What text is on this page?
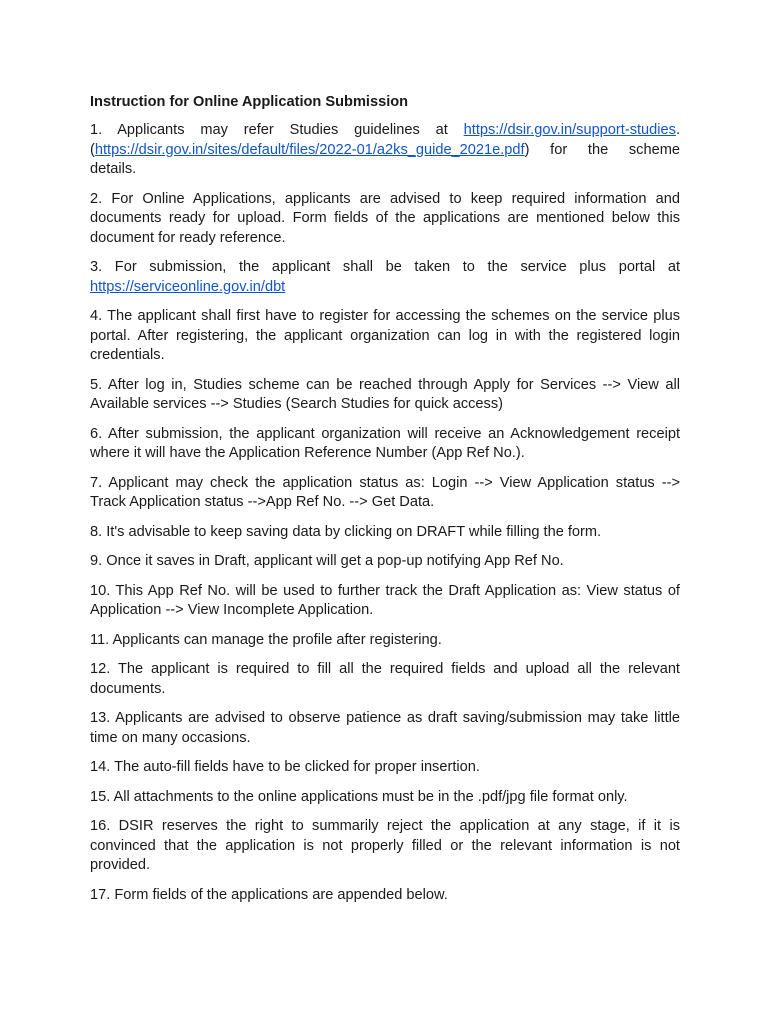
Instruction for Online Application Submission

1. Applicants may refer Studies guidelines at https://dsir.gov.in/support-studies. (https://dsir.gov.in/sites/default/files/2022-01/a2ks_guide_2021e.pdf) for the scheme details.

2. For Online Applications, applicants are advised to keep required information and documents ready for upload. Form fields of the applications are mentioned below this document for ready reference.

3. For submission, the applicant shall be taken to the service plus portal at https://serviceonline.gov.in/dbt

4. The applicant shall first have to register for accessing the schemes on the service plus portal. After registering, the applicant organization can log in with the registered login credentials.

5. After log in, Studies scheme can be reached through Apply for Services --> View all Available services --> Studies (Search Studies for quick access)

6. After submission, the applicant organization will receive an Acknowledgement receipt where it will have the Application Reference Number (App Ref No.).

7. Applicant may check the application status as: Login --> View Application status --> Track Application status -->App Ref No. --> Get Data.

8. It's advisable to keep saving data by clicking on DRAFT while filling the form.

9. Once it saves in Draft, applicant will get a pop-up notifying App Ref No.

10. This App Ref No. will be used to further track the Draft Application as: View status of Application --> View Incomplete Application.

11. Applicants can manage the profile after registering.

12. The applicant is required to fill all the required fields and upload all the relevant documents.

13. Applicants are advised to observe patience as draft saving/submission may take little time on many occasions.

14. The auto-fill fields have to be clicked for proper insertion.

15. All attachments to the online applications must be in the .pdf/jpg file format only.

16. DSIR reserves the right to summarily reject the application at any stage, if it is convinced that the application is not properly filled or the relevant information is not provided.

17. Form fields of the applications are appended below.
